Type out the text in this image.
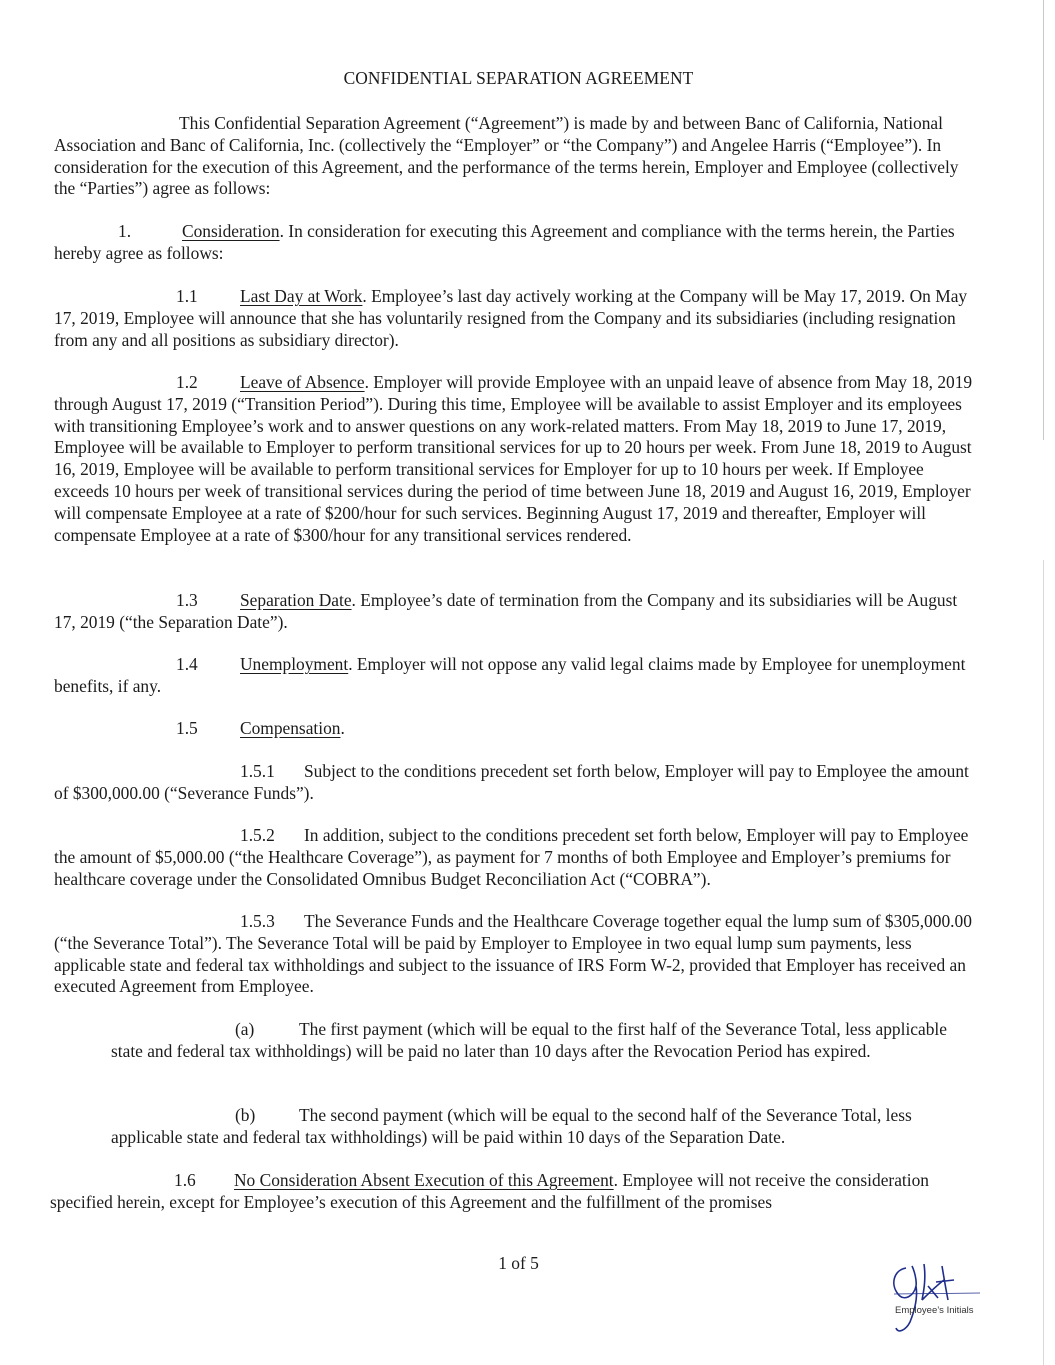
CONFIDENTIAL SEPARATION AGREEMENT

This Confidential Separation Agreement (“Agreement”) is made by and between Banc of California, National Association and Banc of California, Inc. (collectively the “Employer” or “the Company”) and Angelee Harris (“Employee”). In consideration for the execution of this Agreement, and the performance of the terms herein, Employer and Employee (collectively the “Parties”) agree as follows:

1.	Consideration. In consideration for executing this Agreement and compliance with the terms herein, the Parties hereby agree as follows:

1.1 Last Day at Work. Employee’s last day actively working at the Company will be May 17, 2019. On May 17, 2019, Employee will announce that she has voluntarily resigned from the Company and its subsidiaries (including resignation from any and all positions as subsidiary director).

1.2 Leave of Absence. Employer will provide Employee with an unpaid leave of absence from May 18, 2019 through August 17, 2019 (“Transition Period”). During this time, Employee will be available to assist Employer and its employees with transitioning Employee’s work and to answer questions on any work-related matters. From May 18, 2019 to June 17, 2019, Employee will be available to Employer to perform transitional services for up to 20 hours per week. From June 18, 2019 to August 16, 2019, Employee will be available to perform transitional services for Employer for up to 10 hours per week. If Employee exceeds 10 hours per week of transitional services during the period of time between June 18, 2019 and August 16, 2019, Employer will compensate Employee at a rate of $200/hour for such services. Beginning August 17, 2019 and thereafter, Employer will compensate Employee at a rate of $300/hour for any transitional services rendered.

1.3 Separation Date. Employee’s date of termination from the Company and its subsidiaries will be August 17, 2019 (“the Separation Date”).

1.4 Unemployment. Employer will not oppose any valid legal claims made by Employee for unemployment benefits, if any.

1.5 Compensation.

1.5.1 Subject to the conditions precedent set forth below, Employer will pay to Employee the amount of $300,000.00 (“Severance Funds”).

1.5.2 In addition, subject to the conditions precedent set forth below, Employer will pay to Employee the amount of $5,000.00 (“the Healthcare Coverage”), as payment for 7 months of both Employee and Employer’s premiums for healthcare coverage under the Consolidated Omnibus Budget Reconciliation Act (“COBRA”).

1.5.3 The Severance Funds and the Healthcare Coverage together equal the lump sum of $305,000.00 (“the Severance Total”). The Severance Total will be paid by Employer to Employee in two equal lump sum payments, less applicable state and federal tax withholdings and subject to the issuance of IRS Form W-2, provided that Employer has received an executed Agreement from Employee.

(a)	The first payment (which will be equal to the first half of the Severance Total, less applicable state and federal tax withholdings) will be paid no later than 10 days after the Revocation Period has expired.

(b)	The second payment (which will be equal to the second half of the Severance Total, less applicable state and federal tax withholdings) will be paid within 10 days of the Separation Date.

1.6 No Consideration Absent Execution of this Agreement. Employee will not receive the consideration specified herein, except for Employee’s execution of this Agreement and the fulfillment of the promises

1 of 5
Employee’s Initials
